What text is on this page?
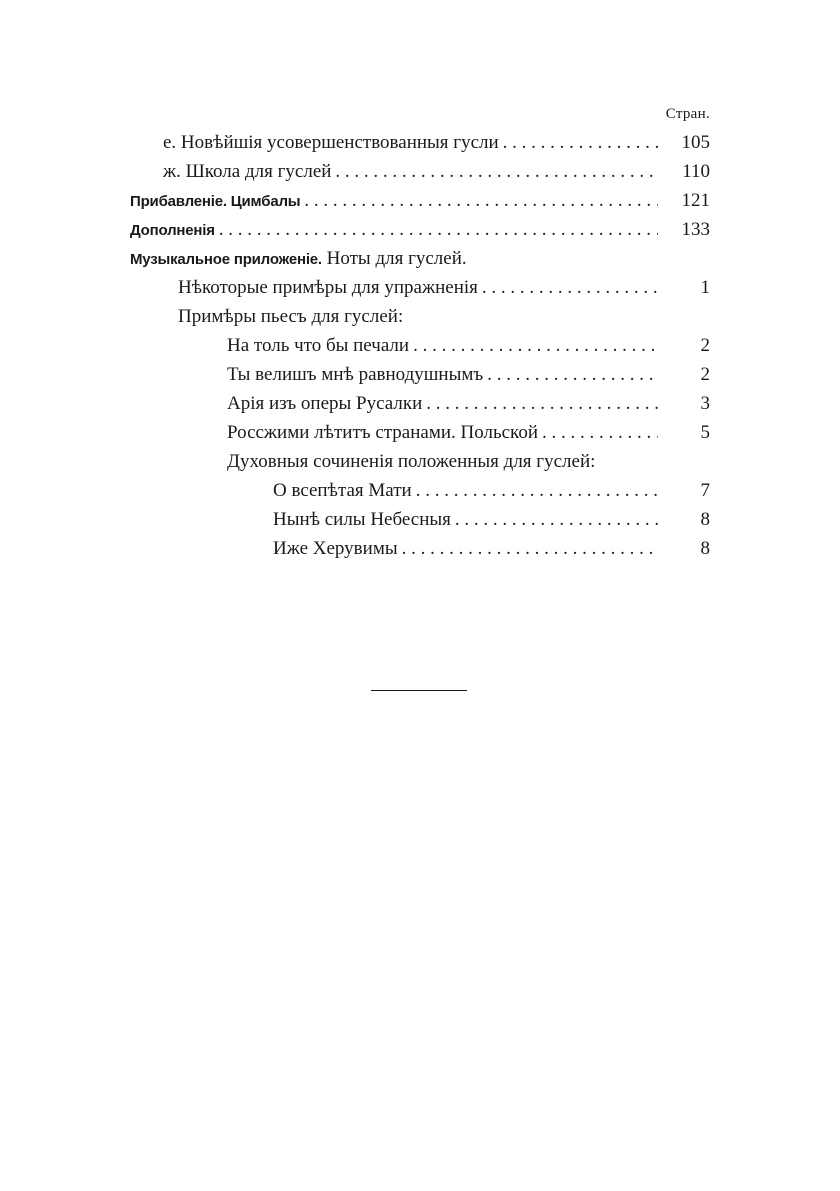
Стран.
е. Новѣйшія усовершенствованныя гусли . . .	105
ж. Школа для гуслей . . .	110
Прибавленіе. Цимбалы . . .	121
Дополненія . . .	133
Музыкальное приложеніе. Ноты для гуслей.
Нѣкоторые примѣры для упражненія . . .	1
Примѣры пьесъ для гуслей:
На толь что бы печали . . .	2
Ты велишъ мнѣ равнодушнымъ . . .	2
Арія изъ оперы Русалки . . .	3
Россжими лѣтитъ странами. Польской . . .	5
Духовныя сочиненія положенныя для гуслей:
О всепѣтая Мати . . .	7
Нынѣ силы Небесныя . . .	8
Иже Херувимы . . .	8
